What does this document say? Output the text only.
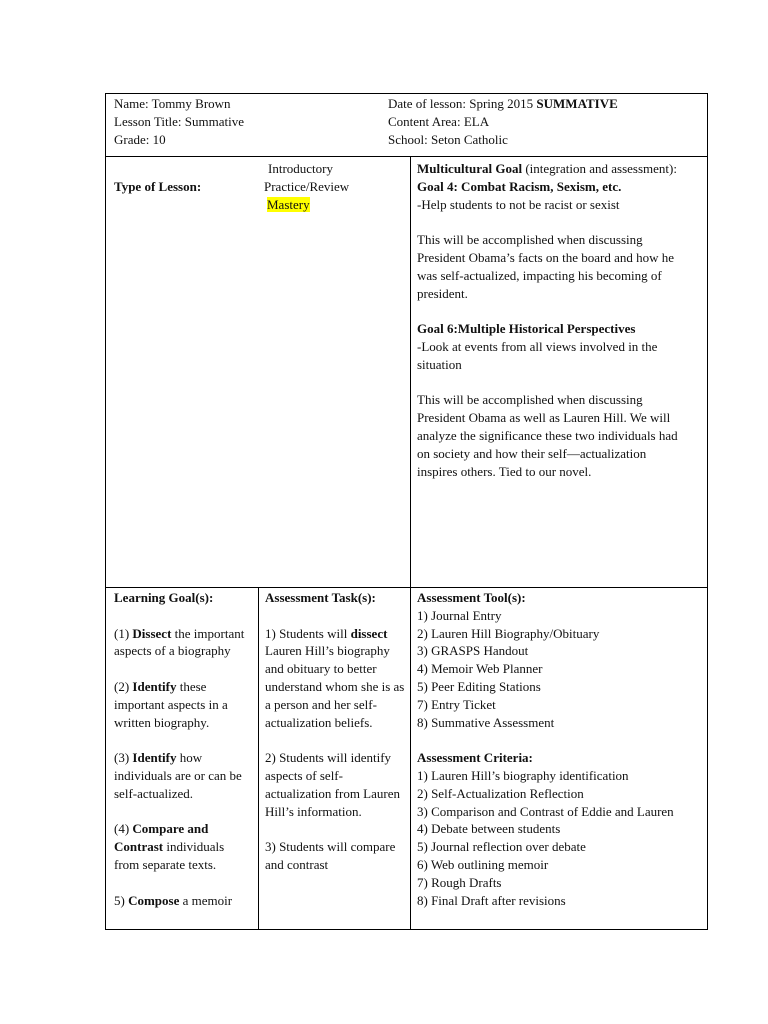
Name: Tommy Brown
Lesson Title: Summative
Grade: 10
Date of lesson: Spring 2015 SUMMATIVE
Content Area: ELA
School: Seton Catholic
Type of Lesson:
Introductory
Practice/Review
Mastery

Multicultural Goal (integration and assessment):

Goal 4: Combat Racism, Sexism, etc.

-Help students to not be racist or sexist

This will be accomplished when discussing President Obama’s facts on the board and how he was self-actualized, impacting his becoming of president.

Goal 6:Multiple Historical Perspectives

-Look at events from all views involved in the situation

This will be accomplished when discussing President Obama as well as Lauren Hill. We will analyze the significance these two individuals had on society and how their self—actualization inspires others. Tied to our novel.

Learning Goal(s):

(1) Dissect the important aspects of a biography

(2) Identify these important aspects in a written biography.

(3) Identify how individuals are or can be self-actualized.

(4) Compare and Contrast individuals from separate texts.

5) Compose a memoir

Assessment Task(s):

1) Students will dissect Lauren Hill’s biography and obituary to better understand whom she is as a person and her self-actualization beliefs.

2) Students will identify aspects of self-actualization from Lauren Hill’s information.

3) Students will compare and contrast

Assessment Tool(s):

1) Journal Entry

2) Lauren Hill Biography/Obituary

3) GRASPS Handout

4) Memoir Web Planner

5) Peer Editing Stations

7) Entry Ticket

8) Summative Assessment

Assessment Criteria:

1) Lauren Hill’s biography identification

2) Self-Actualization Reflection

3) Comparison and Contrast of Eddie and Lauren

4) Debate between students

5) Journal reflection over debate

6) Web outlining memoir

7) Rough Drafts

8) Final Draft after revisions
